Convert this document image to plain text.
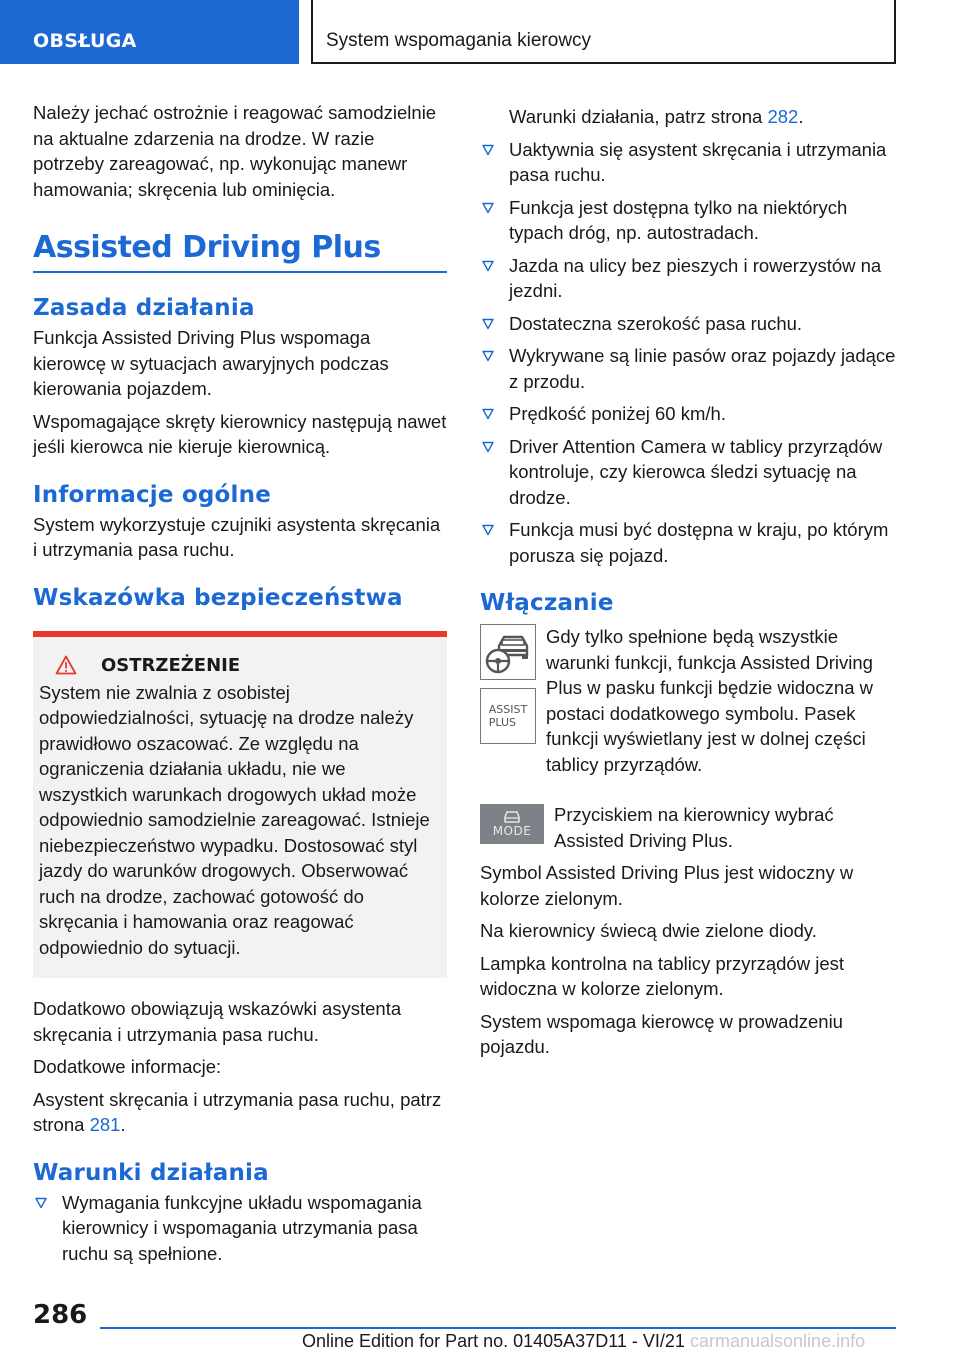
OBSŁUGA	System wspomagania kierowcy

Należy jechać ostrożnie i reagować samodzielnie na aktualne zdarzenia na drodze. W razie potrzeby zareagować, np. wykonując manewr hamowania; skręcenia lub ominięcia.

Assisted Driving Plus
Zasada działania

Funkcja Assisted Driving Plus wspomaga kierowcę w sytuacjach awaryjnych podczas kierowania pojazdem.

Wspomagające skręty kierownicy następują nawet jeśli kierowca nie kieruje kierownicą.

Informacje ogólne

System wykorzystuje czujniki asystenta skręcania i utrzymania pasa ruchu.

Wskazówka bezpieczeństwa
OSTRZEŻENIE

System nie zwalnia z osobistej odpowiedzialności, sytuację na drodze należy prawidłowo oszacować. Ze względu na ograniczenia działania układu, nie we wszystkich warunkach drogowych układ może odpowiednio samodzielnie zareagować. Istnieje niebezpieczeństwo wypadku. Dostosować styl jazdy do warunków drogowych. Obserwować ruch na drodze, zachować gotowość do skręcania i hamowania oraz reagować odpowiednio do sytuacji.

Dodatkowo obowiązują wskazówki asystenta skręcania i utrzymania pasa ruchu.

Dodatkowe informacje:

Asystent skręcania i utrzymania pasa ruchu, patrz strona 281.

Warunki działania
Wymagania funkcyjne układu wspomagania kierownicy i wspomagania utrzymania pasa ruchu są spełnione.

Warunki działania, patrz strona 282.

Uaktywnia się asystent skręcania i utrzymania pasa ruchu.
Funkcja jest dostępna tylko na niektórych typach dróg, np. autostradach.
Jazda na ulicy bez pieszych i rowerzystów na jezdni.
Dostateczna szerokość pasa ruchu.
Wykrywane są linie pasów oraz pojazdy jadące z przodu.
Prędkość poniżej 60 km/h.
Driver Attention Camera w tablicy przyrządów kontroluje, czy kierowca śledzi sytuację na drodze.
Funkcja musi być dostępna w kraju, po którym porusza się pojazd.
Włączanie
ASSIST
PLUS

Gdy tylko spełnione będą wszystkie warunki funkcji, funkcja Assisted Driving Plus w pasku funkcji będzie widoczna w postaci dodatkowego symbolu. Pasek funkcji wyświetlany jest w dolnej części tablicy przyrządów.

MODE

Przyciskiem na kierownicy wybrać Assisted Driving Plus.

Symbol Assisted Driving Plus jest widoczny w kolorze zielonym.

Na kierownicy świecą dwie zielone diody.

Lampka kontrolna na tablicy przyrządów jest widoczna w kolorze zielonym.

System wspomaga kierowcę w prowadzeniu pojazdu.

286
Online Edition for Part no. 01405A37D11 - VI/21 carmanualsonline.info
